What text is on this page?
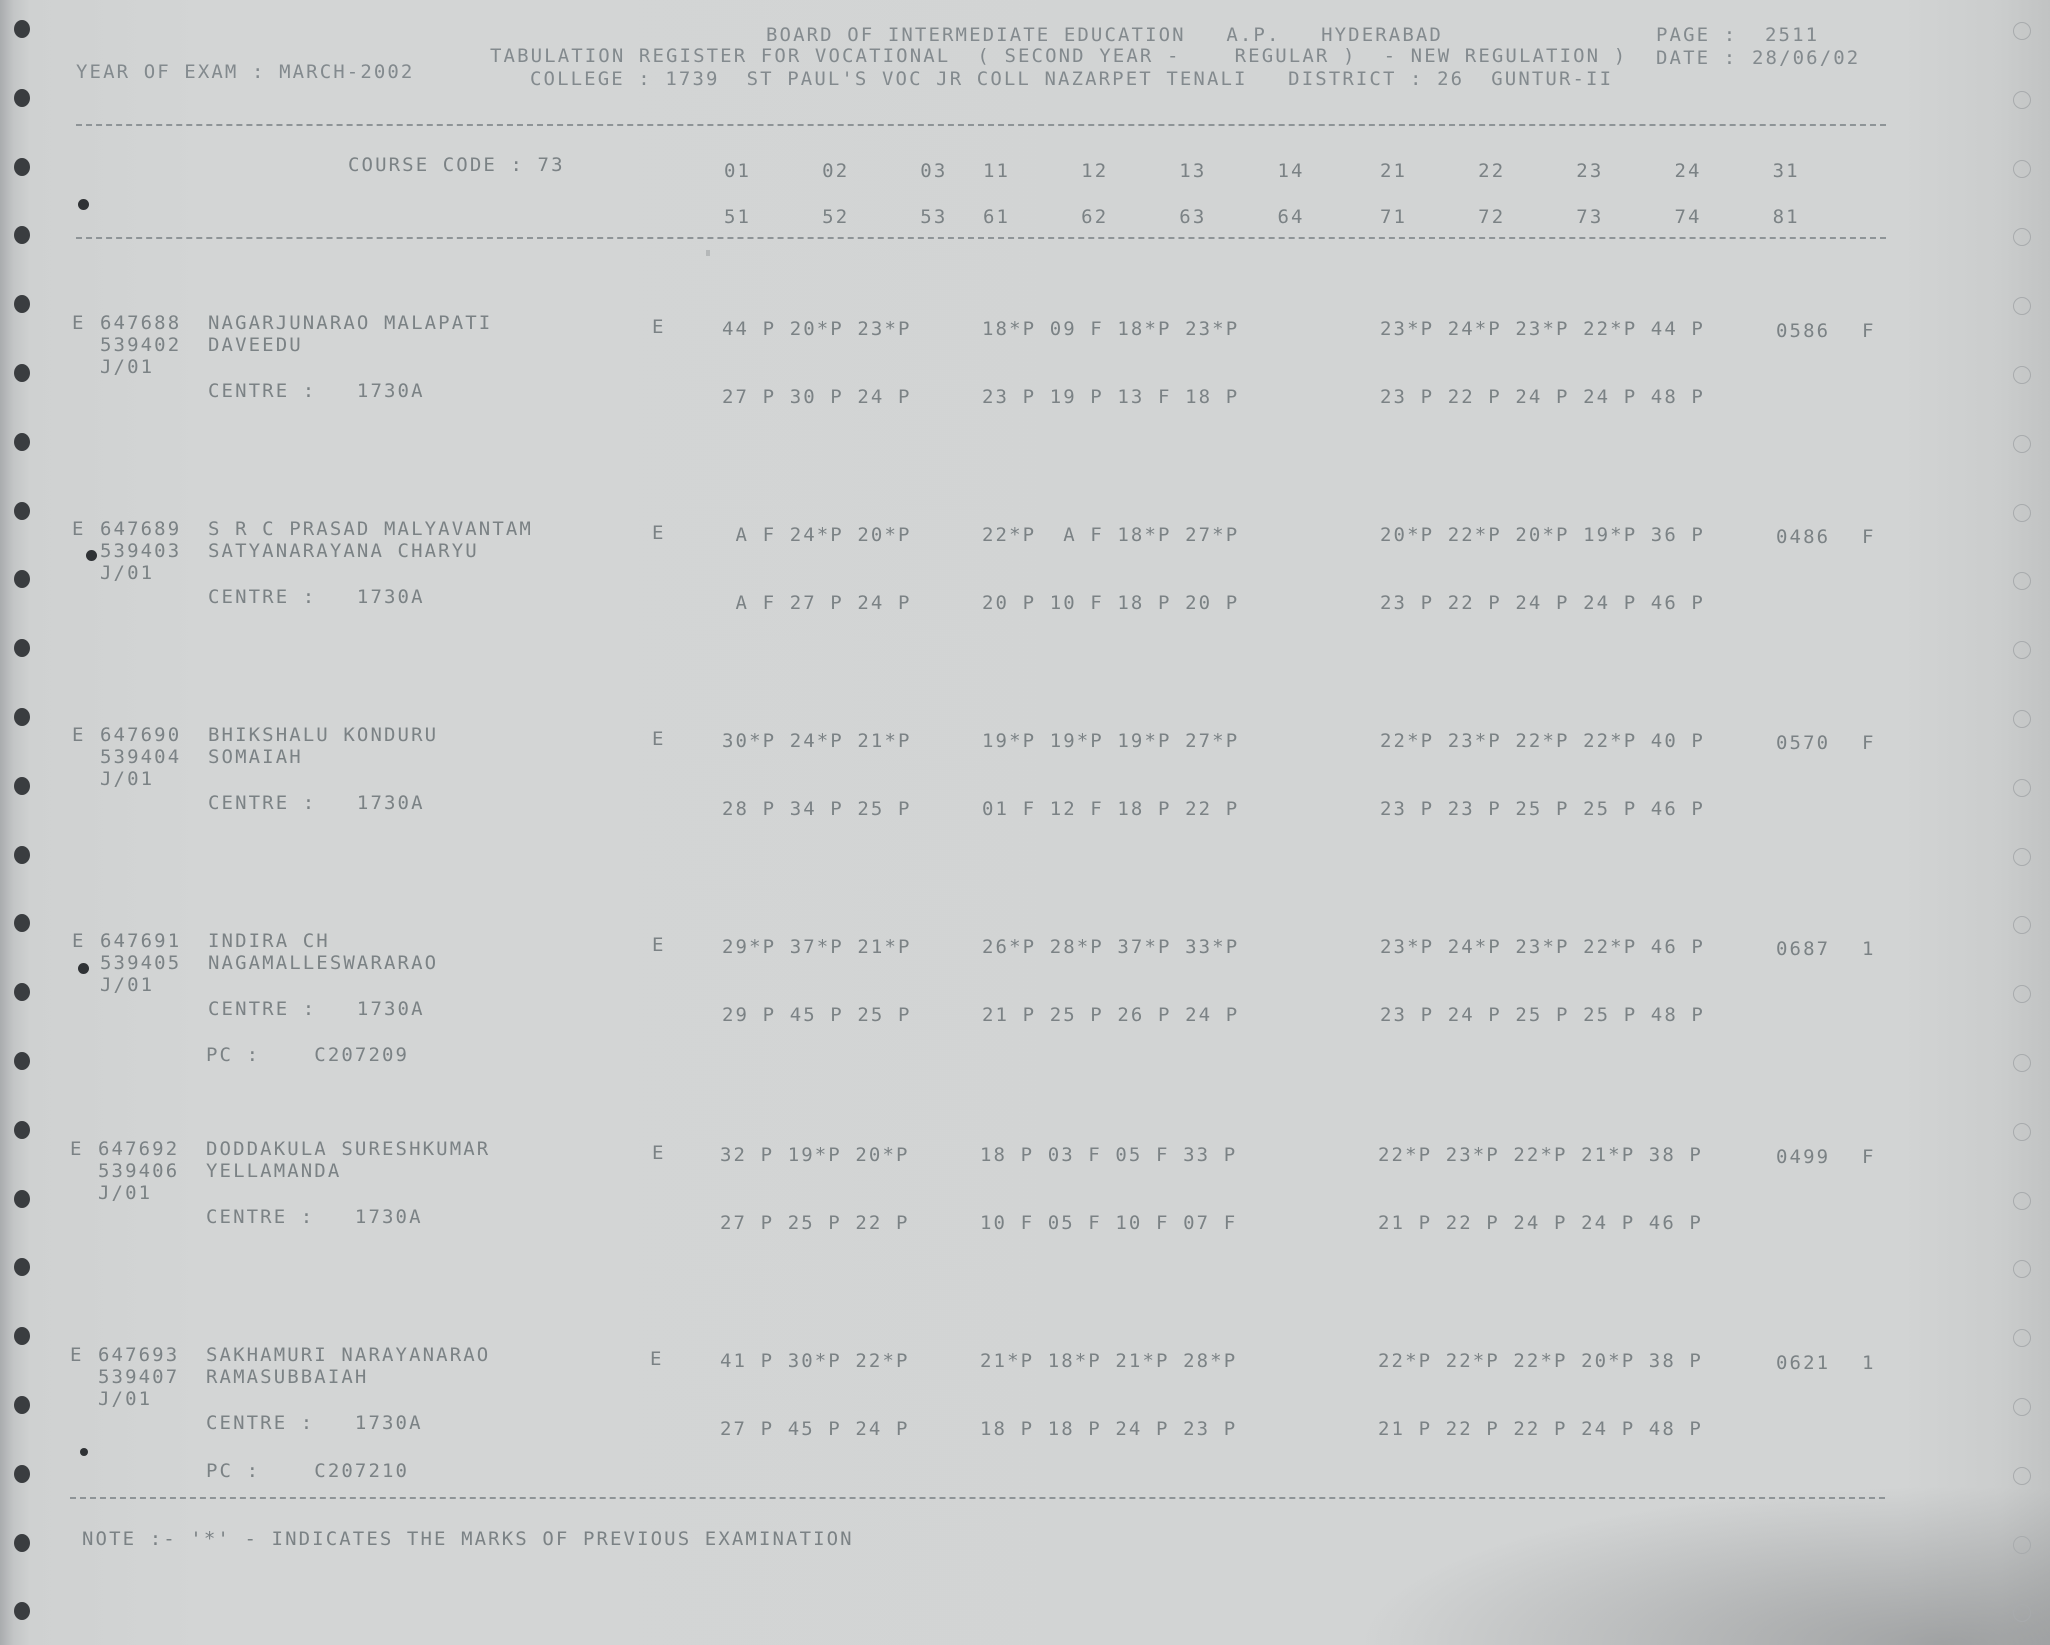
BOARD OF INTERMEDIATE EDUCATION   A.P.   HYDERABAD	PAGE : 2511
YEAR OF EXAM : MARCH-2002
TABULATION REGISTER FOR VOCATIONAL  ( SECOND YEAR -    REGULAR )  - NEW REGULATION ) DATE : 28/06/02
COLLEGE : 1739  ST PAUL'S VOC JR COLL NAZARPET TENALI   DISTRICT : 26  GUNTUR-II
COURSE CODE : 73	01  02  03 11  12  13  14	21  22  23  24  31
51  52  53 61  62  63  64	71  72  73  74  81
E 647688 NAGARJUNARAO MALAPATI
539402 DAVEEDU
J/01
CENTRE :   1730A
E	44 P 20*P 23*P	18*P 09 F 18*P 23*P	23*P 24*P 23*P 22*P 44 P	0586 F
27 P 30 P 24 P	23 P 19 P 13 F 18 P	23 P 22 P 24 P 24 P 48 P
E 647689 S R C PRASAD MALYAVANTAM
539403 SATYANARAYANA CHARYU
J/01
CENTRE :   1730A
E	A F 24*P 20*P	22*P  A F 18*P 27*P	20*P 22*P 20*P 19*P 36 P	0486 F
A F 27 P 24 P	20 P 10 F 18 P 20 P	23 P 22 P 24 P 24 P 46 P
E 647690 BHIKSHALU KONDURU
539404 SOMAIAH
J/01
CENTRE :   1730A
E	30*P 24*P 21*P	19*P 19*P 19*P 27*P	22*P 23*P 22*P 22*P 40 P	0570 F
28 P 34 P 25 P	01 F 12 F 18 P 22 P	23 P 23 P 25 P 25 P 46 P
E 647691 INDIRA CH
539405 NAGAMALLESWARARAO
J/01
CENTRE :   1730A
E	29*P 37*P 21*P	26*P 28*P 37*P 33*P	23*P 24*P 23*P 22*P 46 P	0687 1
29 P 45 P 25 P	21 P 25 P 26 P 24 P	23 P 24 P 25 P 25 P 48 P
PC :    C207209
E 647692 DODDAKULA SURESHKUMAR
539406 YELLAMANDA
J/01
CENTRE :   1730A
E	32 P 19*P 20*P	18 P 03 F 05 F 33 P	22*P 23*P 22*P 21*P 38 P	0499 F
27 P 25 P 22 P	10 F 05 F 10 F 07 F	21 P 22 P 24 P 24 P 46 P
E 647693 SAKHAMURI NARAYANARAO
539407 RAMASUBBAIAH
J/01
CENTRE :   1730A
E	41 P 30*P 22*P	21*P 18*P 21*P 28*P	22*P 22*P 22*P 20*P 38 P	0621 1
27 P 45 P 24 P	18 P 18 P 24 P 23 P	21 P 22 P 22 P 24 P 48 P
PC :    C207210
NOTE :- '*' - INDICATES THE MARKS OF PREVIOUS EXAMINATION
